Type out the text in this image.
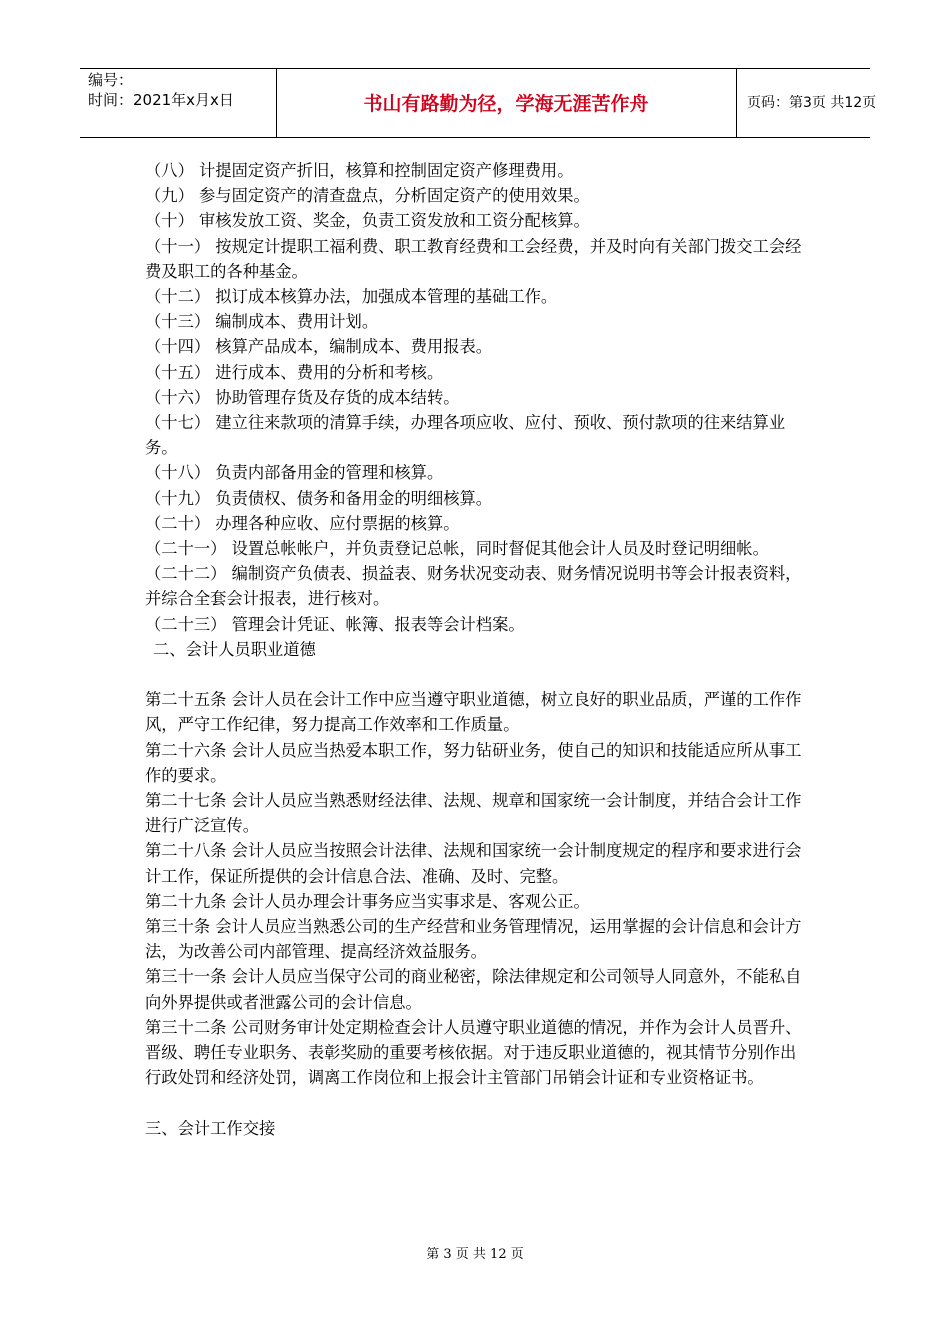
编号：
时间：2021年x月x日	书山有路勤为径，学海无涯苦作舟	页码：第3页 共12页

（八） 计提固定资产折旧，核算和控制固定资产修理费用。

（九） 参与固定资产的清查盘点，分析固定资产的使用效果。

（十） 审核发放工资、奖金，负责工资发放和工资分配核算。

（十一） 按规定计提职工福利费、职工教育经费和工会经费，并及时向有关部门拨交工会经费及职工的各种基金。

（十二） 拟订成本核算办法，加强成本管理的基础工作。

（十三） 编制成本、费用计划。

（十四） 核算产品成本，编制成本、费用报表。

（十五） 进行成本、费用的分析和考核。

（十六） 协助管理存货及存货的成本结转。

（十七） 建立往来款项的清算手续，办理各项应收、应付、预收、预付款项的往来结算业务。

（十八） 负责内部备用金的管理和核算。

（十九） 负责债权、债务和备用金的明细核算。

（二十） 办理各种应收、应付票据的核算。

（二十一） 设置总帐帐户，并负责登记总帐，同时督促其他会计人员及时登记明细帐。

（二十二） 编制资产负债表、损益表、财务状况变动表、财务情况说明书等会计报表资料，并综合全套会计报表，进行核对。

（二十三） 管理会计凭证、帐簿、报表等会计档案。

二、会计人员职业道德

第二十五条 会计人员在会计工作中应当遵守职业道德，树立良好的职业品质，严谨的工作作风，严守工作纪律，努力提高工作效率和工作质量。

第二十六条 会计人员应当热爱本职工作，努力钻研业务，使自己的知识和技能适应所从事工作的要求。

第二十七条 会计人员应当熟悉财经法律、法规、规章和国家统一会计制度，并结合会计工作进行广泛宣传。

第二十八条 会计人员应当按照会计法律、法规和国家统一会计制度规定的程序和要求进行会计工作，保证所提供的会计信息合法、准确、及时、完整。

第二十九条 会计人员办理会计事务应当实事求是、客观公正。

第三十条 会计人员应当熟悉公司的生产经营和业务管理情况，运用掌握的会计信息和会计方法，为改善公司内部管理、提高经济效益服务。

第三十一条 会计人员应当保守公司的商业秘密，除法律规定和公司领导人同意外，不能私自向外界提供或者泄露公司的会计信息。

第三十二条 公司财务审计处定期检查会计人员遵守职业道德的情况，并作为会计人员晋升、晋级、聘任专业职务、表彰奖励的重要考核依据。对于违反职业道德的，视其情节分别作出行政处罚和经济处罚，调离工作岗位和上报会计主管部门吊销会计证和专业资格证书。

三、会计工作交接

第 3 页 共 12 页
